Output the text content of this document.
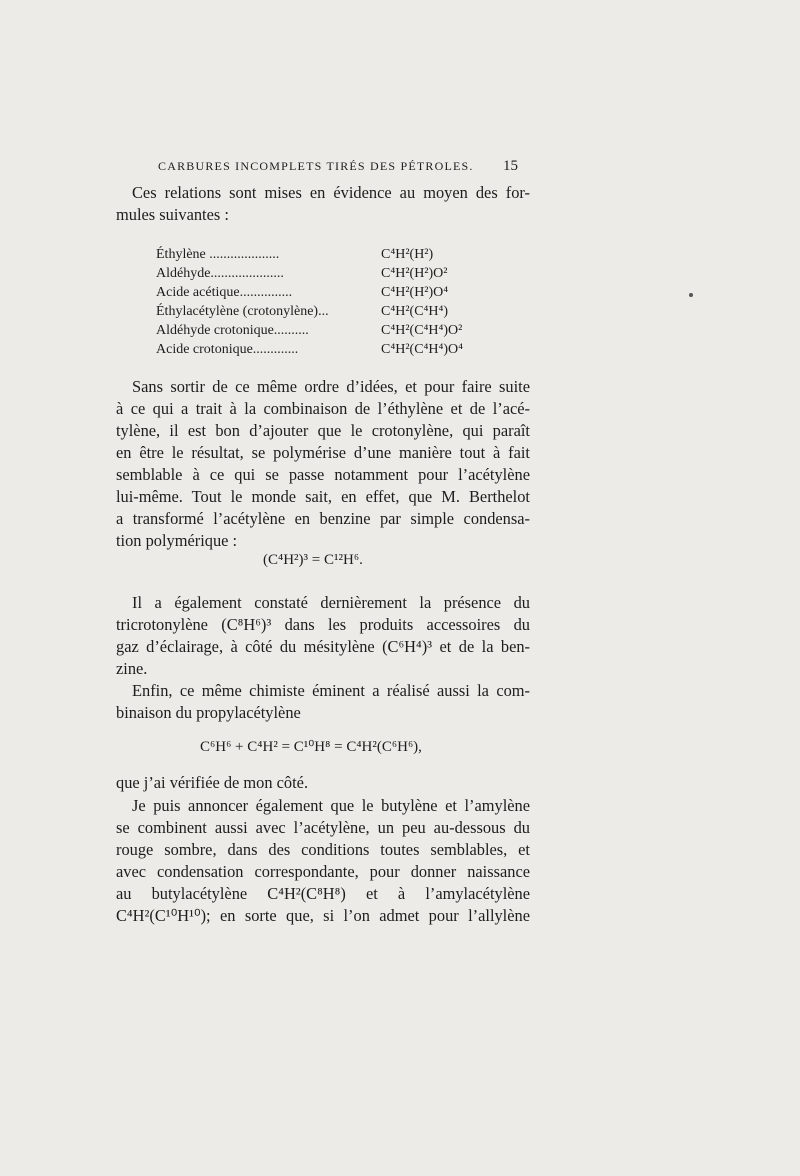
CARBURES INCOMPLETS TIRÉS DES PÉTROLES. 15
Ces relations sont mises en évidence au moyen des for-
mules suivantes :
Éthylène ....................	C⁴H²(H²)
Aldéhyde.....................	C⁴H²(H²)O²
Acide acétique...............	C⁴H²(H²)O⁴
Éthylacétylène (crotonylène)...	C⁴H²(C⁴H⁴)
Aldéhyde crotonique..........	C⁴H²(C⁴H⁴)O²
Acide crotonique.............	C⁴H²(C⁴H⁴)O⁴
Sans sortir de ce même ordre d’idées, et pour faire suite
à ce qui a trait à la combinaison de l’éthylène et de l’acé-
tylène, il est bon d’ajouter que le crotonylène, qui paraît
en être le résultat, se polymérise d’une manière tout à fait
semblable à ce qui se passe notamment pour l’acétylène
lui-même. Tout le monde sait, en effet, que M. Berthelot
a transformé l’acétylène en benzine par simple condensa-
tion polymérique :
(C⁴H²)³ = C¹²H⁶.
Il a également constaté dernièrement la présence du
tricrotonylène (C⁸H⁶)³ dans les produits accessoires du
gaz d’éclairage, à côté du mésitylène (C⁶H⁴)³ et de la ben-
zine.
Enfin, ce même chimiste éminent a réalisé aussi la com-
binaison du propylacétylène
C⁶H⁶ + C⁴H² = C¹⁰H⁸ = C⁴H²(C⁶H⁶),
que j’ai vérifiée de mon côté.
Je puis annoncer également que le butylène et l’amylène
se combinent aussi avec l’acétylène, un peu au-dessous du
rouge sombre, dans des conditions toutes semblables, et
avec condensation correspondante, pour donner naissance
au butylacétylène C⁴H²(C⁸H⁸) et à l’amylacétylène
C⁴H²(C¹⁰H¹⁰); en sorte que, si l’on admet pour l’allylène
